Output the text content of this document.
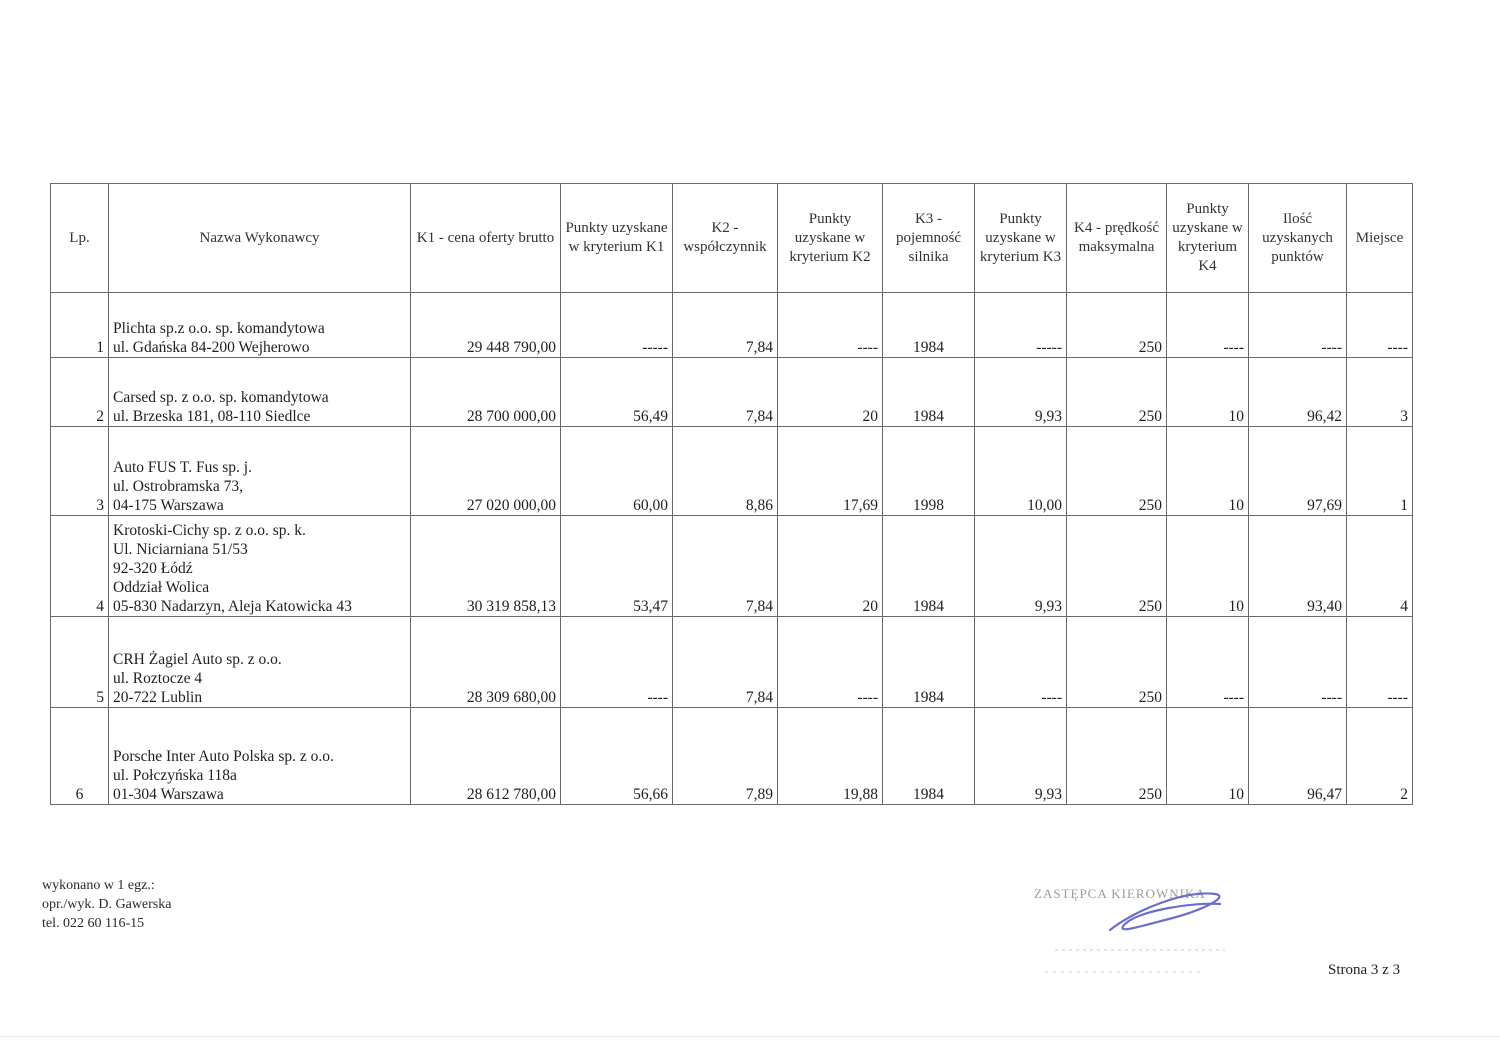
Lp.	Nazwa Wykonawcy	K1 - cena oferty brutto	Punkty uzyskane w kryterium K1	K2 - współczynnik	Punkty uzyskane w kryterium K2	K3 - pojemność silnika	Punkty uzyskane w kryterium K3	K4 - prędkość maksymalna	Punkty uzyskane w kryterium K4	Ilość uzyskanych punktów	Miejsce
1	Plichta sp.z o.o. sp. komandytowa
ul. Gdańska 84-200 Wejherowo	29 448 790,00	-----	7,84	----	1984	-----	250	----	----	----
2	Carsed sp. z o.o. sp. komandytowa
ul. Brzeska 181, 08-110 Siedlce	28 700 000,00	56,49	7,84	20	1984	9,93	250	10	96,42	3
3	Auto FUS T. Fus sp. j.
ul. Ostrobramska 73,
04-175 Warszawa	27 020 000,00	60,00	8,86	17,69	1998	10,00	250	10	97,69	1
4	Krotoski-Cichy sp. z o.o. sp. k.
Ul. Niciarniana 51/53
92-320 Łódź
Oddział Wolica
05-830 Nadarzyn, Aleja Katowicka 43	30 319 858,13	53,47	7,84	20	1984	9,93	250	10	93,40	4
5	CRH Żagiel Auto sp. z o.o.
ul. Roztocze 4
20-722 Lublin	28 309 680,00	----	7,84	----	1984	----	250	----	----	----
6	Porsche Inter Auto Polska sp. z o.o.
ul. Połczyńska 118a
01-304 Warszawa	28 612 780,00	56,66	7,89	19,88	1984	9,93	250	10	96,47	2
wykonano w 1 egz.:
opr./wyk. D. Gawerska
tel. 022 60 116-15
ZASTĘPCA KIEROWNIKA
Strona 3 z 3
